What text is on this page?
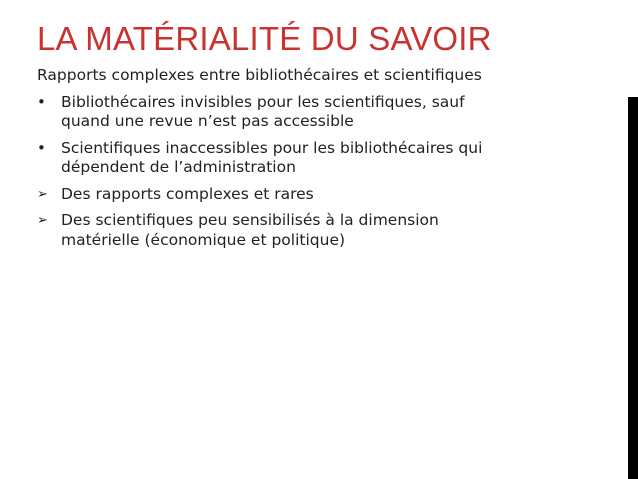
LA MATÉRIALITÉ DU SAVOIR

Rapports complexes entre bibliothécaires et scientifiques

• Bibliothécaires invisibles pour les scientifiques, sauf
quand une revue n’est pas accessible
• Scientifiques inaccessibles pour les bibliothécaires qui
dépendent de l’administration
➢ Des rapports complexes et rares
➢ Des scientifiques peu sensibilisés à la dimension
matérielle (économique et politique)
